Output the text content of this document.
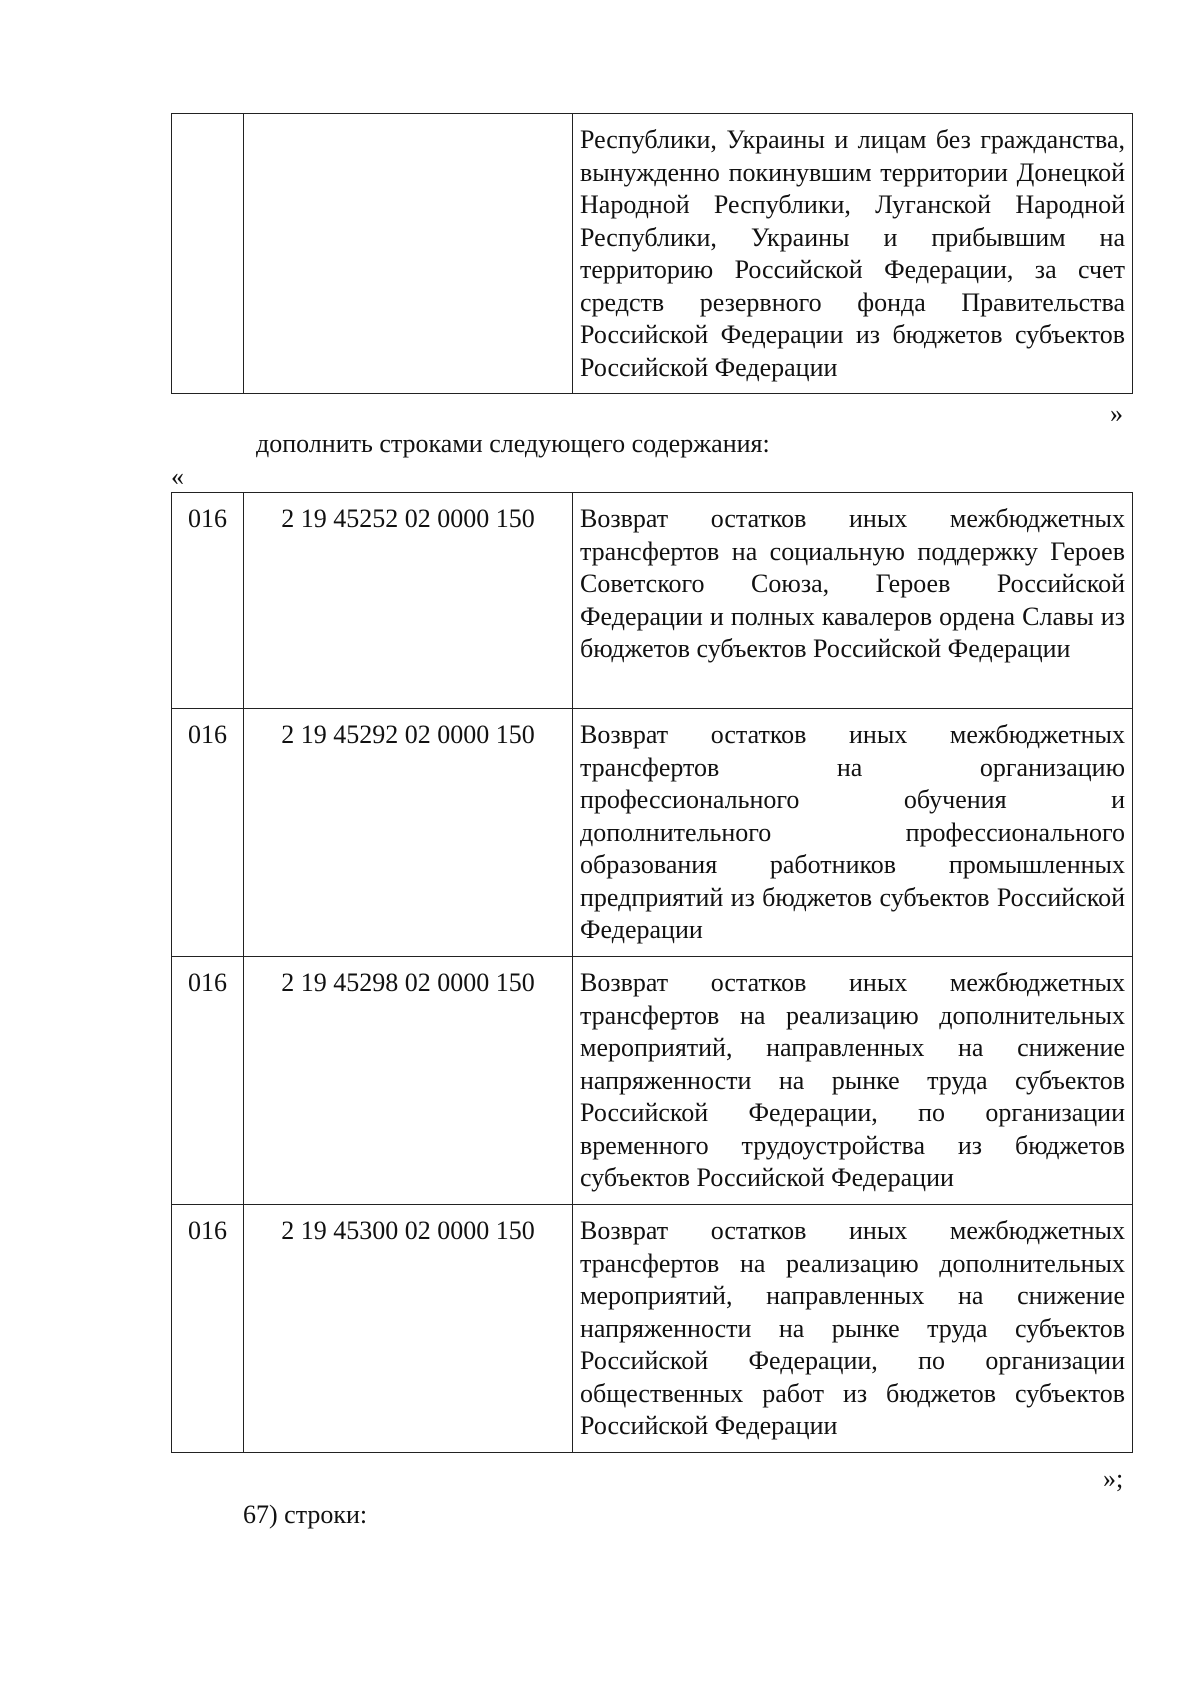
		Республики, Украины и лицам без гражданства, вынужденно покинувшим территории Донецкой Народной Республики, Луганской Народной Республики, Украины и прибывшим на территорию Российской Федерации, за счет средств резервного фонда Правительства Российской Федерации из бюджетов субъектов Российской Федерации
»
дополнить строками следующего содержания:
«
016	2 19 45252 02 0000 150	Возврат остатков иных межбюджетных трансфертов на социальную поддержку Героев Советского Союза, Героев Российской Федерации и полных кавалеров ордена Славы из бюджетов субъектов Российской Федерации
016	2 19 45292 02 0000 150	Возврат остатков иных межбюджетных трансфертов на организацию профессионального обучения и дополнительного профессионального образования работников промышленных предприятий из бюджетов субъектов Российской Федерации
016	2 19 45298 02 0000 150	Возврат остатков иных межбюджетных трансфертов на реализацию дополнительных мероприятий, направленных на снижение напряженности на рынке труда субъектов Российской Федерации, по организации временного трудоустройства из бюджетов субъектов Российской Федерации
016	2 19 45300 02 0000 150	Возврат остатков иных межбюджетных трансфертов на реализацию дополнительных мероприятий, направленных на снижение напряженности на рынке труда субъектов Российской Федерации, по организации общественных работ из бюджетов субъектов Российской Федерации
»;
67) строки:
